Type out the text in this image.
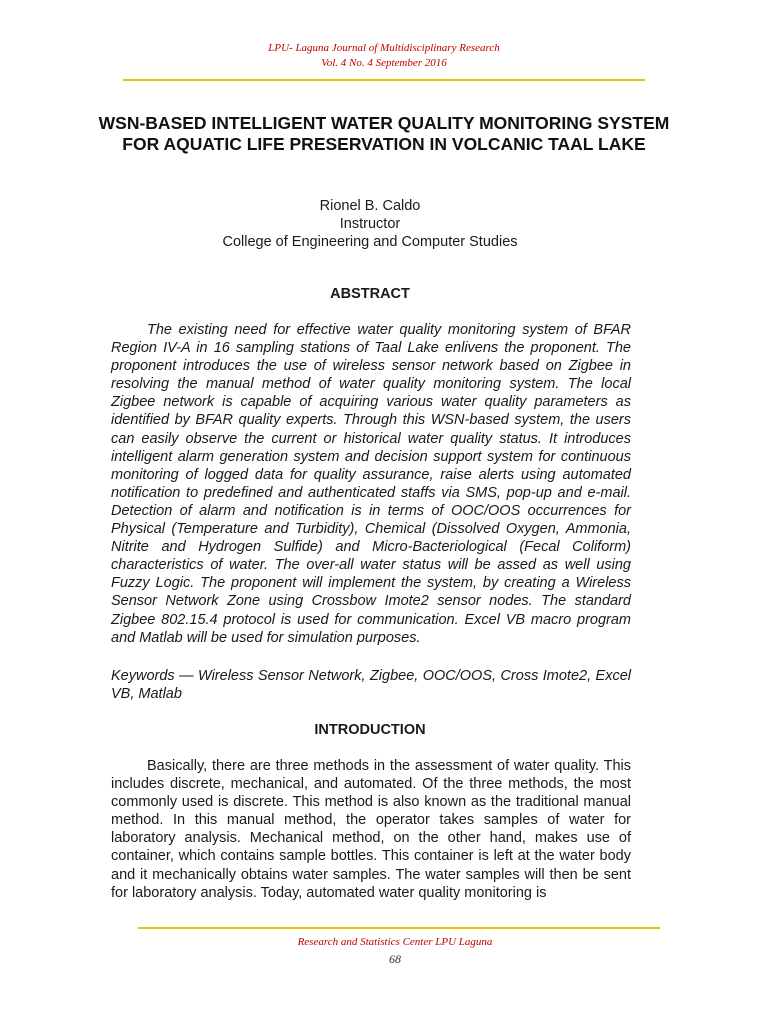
LPU- Laguna Journal of Multidisciplinary Research
Vol. 4 No. 4 September 2016
WSN-BASED INTELLIGENT WATER QUALITY MONITORING SYSTEM FOR AQUATIC LIFE PRESERVATION IN VOLCANIC TAAL LAKE
Rionel B. Caldo
Instructor
College of Engineering and Computer Studies
ABSTRACT

The existing need for effective water quality monitoring system of BFAR Region IV-A in 16 sampling stations of Taal Lake enlivens the proponent. The proponent introduces the use of wireless sensor network based on Zigbee in resolving the manual method of water quality monitoring system. The local Zigbee network is capable of acquiring various water quality parameters as identified by BFAR quality experts. Through this WSN-based system, the users can easily observe the current or historical water quality status. It introduces intelligent alarm generation system and decision support system for continuous monitoring of logged data for quality assurance, raise alerts using automated notification to predefined and authenticated staffs via SMS, pop-up and e-mail. Detection of alarm and notification is in terms of OOC/OOS occurrences for Physical (Temperature and Turbidity), Chemical (Dissolved Oxygen, Ammonia, Nitrite and Hydrogen Sulfide) and Micro-Bacteriological (Fecal Coliform) characteristics of water. The over-all water status will be assed as well using Fuzzy Logic. The proponent will implement the system, by creating a Wireless Sensor Network Zone using Crossbow Imote2 sensor nodes. The standard Zigbee 802.15.4 protocol is used for communication. Excel VB macro program and Matlab will be used for simulation purposes.

Keywords — Wireless Sensor Network, Zigbee, OOC/OOS, Cross Imote2, Excel VB, Matlab

INTRODUCTION

Basically, there are three methods in the assessment of water quality. This includes discrete, mechanical, and automated. Of the three methods, the most commonly used is discrete. This method is also known as the traditional manual method. In this manual method, the operator takes samples of water for laboratory analysis. Mechanical method, on the other hand, makes use of container, which contains sample bottles. This container is left at the water body and it mechanically obtains water samples. The water samples will then be sent for laboratory analysis. Today, automated water quality monitoring is

Research and Statistics Center LPU Laguna
68
